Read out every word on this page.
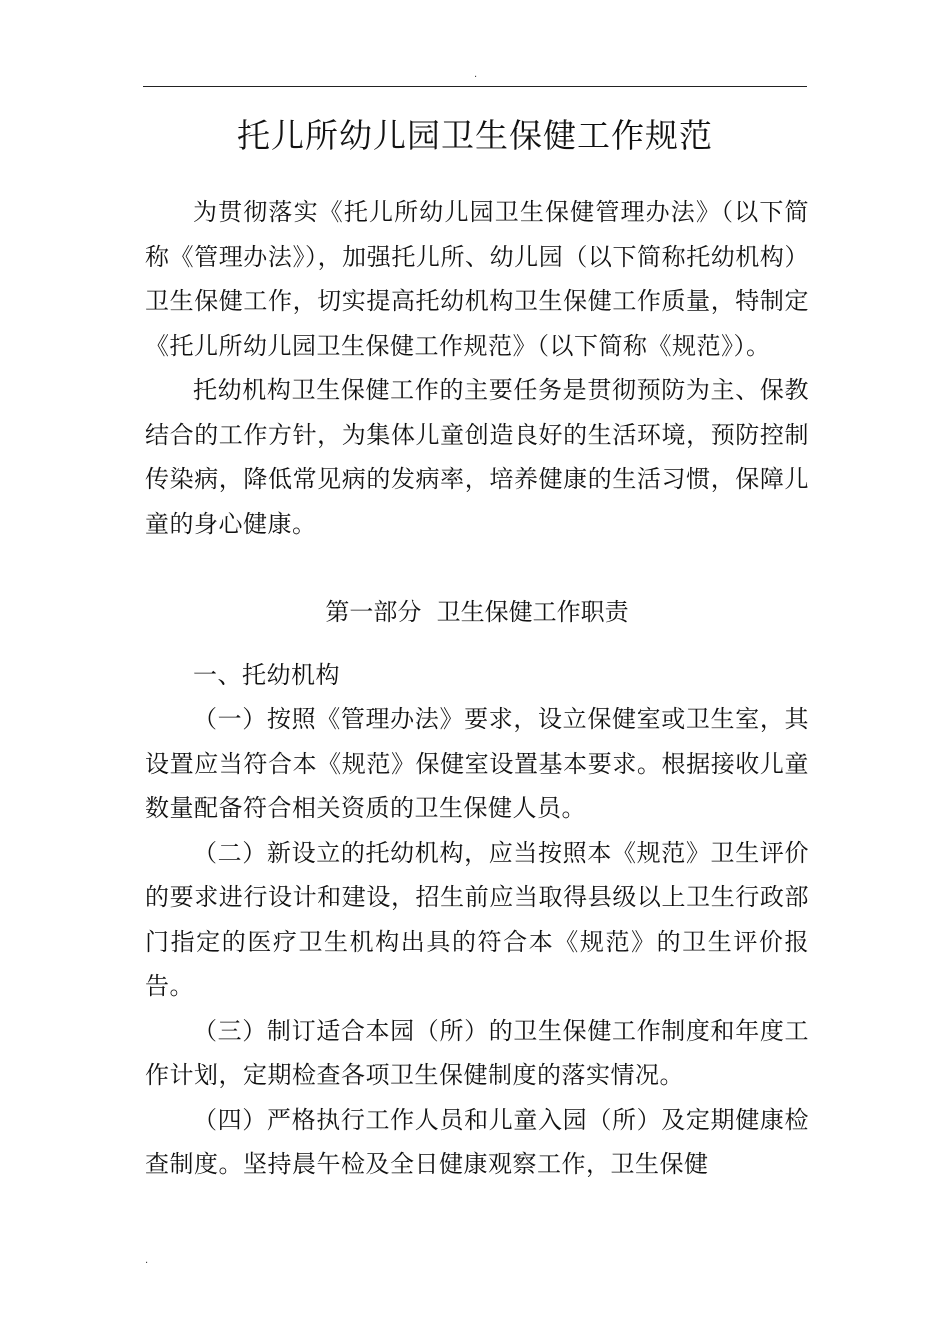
.
托儿所幼儿园卫生保健工作规范

为贯彻落实《托儿所幼儿园卫生保健管理办法》（以下简称《管理办法》），加强托儿所、幼儿园（以下简称托幼机构）卫生保健工作，切实提高托幼机构卫生保健工作质量，特制定《托儿所幼儿园卫生保健工作规范》（以下简称《规范》）。

托幼机构卫生保健工作的主要任务是贯彻预防为主、保教结合的工作方针，为集体儿童创造良好的生活环境，预防控制传染病，降低常见病的发病率，培养健康的生活习惯，保障儿童的身心健康。

第一部分  卫生保健工作职责

一、托幼机构

（一）按照《管理办法》要求，设立保健室或卫生室，其设置应当符合本《规范》保健室设置基本要求。根据接收儿童数量配备符合相关资质的卫生保健人员。

（二）新设立的托幼机构，应当按照本《规范》卫生评价的要求进行设计和建设，招生前应当取得县级以上卫生行政部门指定的医疗卫生机构出具的符合本《规范》的卫生评价报告。

（三）制订适合本园（所）的卫生保健工作制度和年度工作计划，定期检查各项卫生保健制度的落实情况。

（四）严格执行工作人员和儿童入园（所）及定期健康检查制度。坚持晨午检及全日健康观察工作，卫生保健

.
